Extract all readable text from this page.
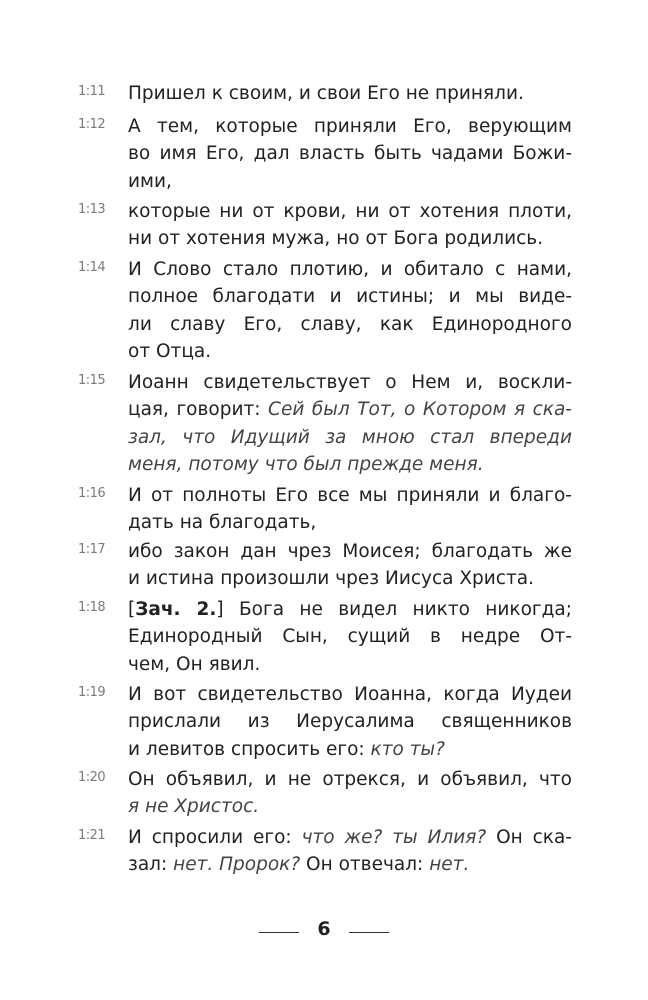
1:11	Пришел к своим, и свои Его не приняли.
1:12	А тем, которые приняли Его, верующим
во имя Его, дал власть быть чадами Божи-
ими,
1:13	которые ни от крови, ни от хотения плоти,
ни от хотения мужа, но от Бога родились.
1:14	И Слово стало плотию, и обитало с нами,
полное благодати и истины; и мы виде-
ли славу Его, славу, как Единородного
от Отца.
1:15	Иоанн свидетельствует о Нем и, воскли-
цая, говорит: Сей был Тот, о Котором я ска-
зал, что Идущий за мною стал впереди
меня, потому что был прежде меня.
1:16	И от полноты Его все мы приняли и благо-
дать на благодать,
1:17	ибо закон дан чрез Моисея; благодать же
и истина произошли чрез Иисуса Христа.
1:18	[Зач. 2.] Бога не видел никто никогда;
Единородный Сын, сущий в недре От-
чем, Он явил.
1:19	И вот свидетельство Иоанна, когда Иудеи
прислали из Иерусалима священников
и левитов спросить его: кто ты?
1:20	Он объявил, и не отрекся, и объявил, что
я не Христос.
1:21	И спросили его: что же? ты Илия? Он ска-
зал: нет. Пророк? Он отвечал: нет.
6
